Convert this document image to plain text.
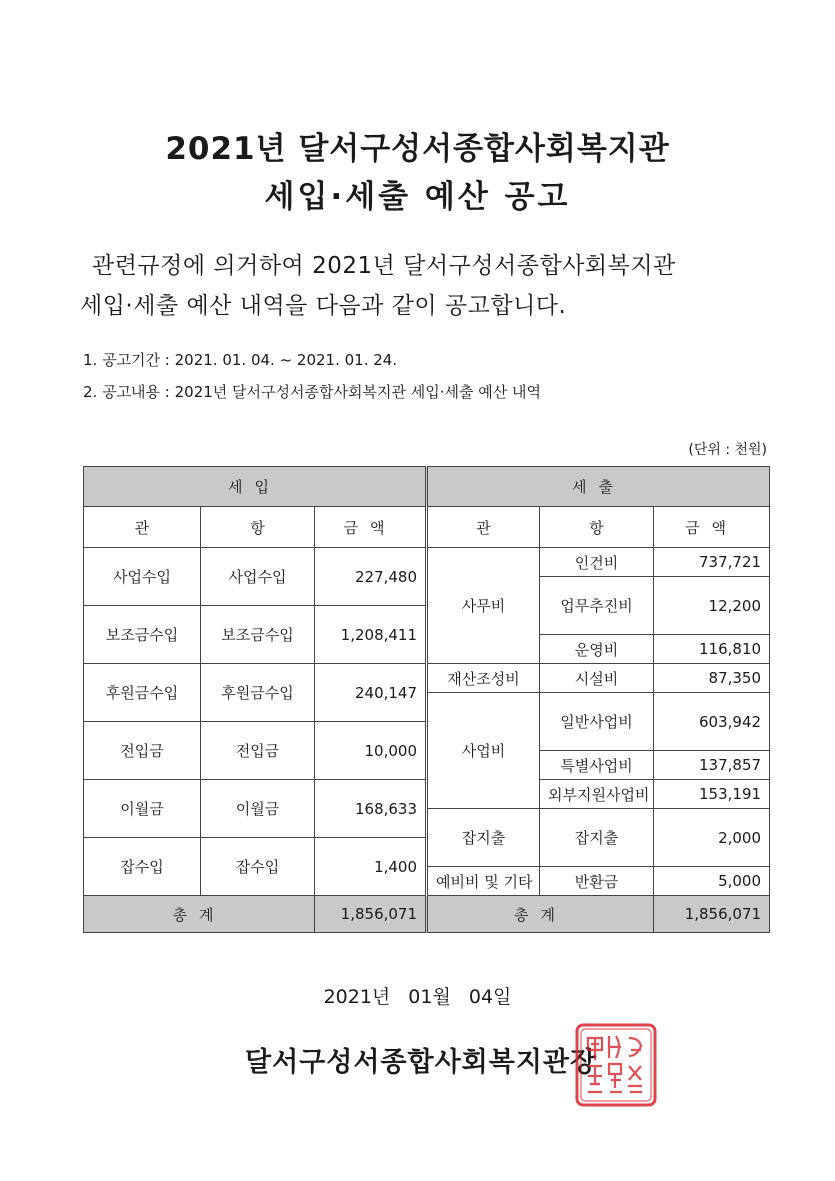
2021년 달서구성서종합사회복지관
세입·세출 예산 공고
관련규정에 의거하여 2021년 달서구성서종합사회복지관
세입·세출 예산 내역을 다음과 같이 공고합니다.
1. 공고기간 : 2021. 01. 04. ~ 2021. 01. 24.
2. 공고내용 : 2021년 달서구성서종합사회복지관 세입·세출 예산 내역
(단위 : 천원)
세입			세출		
관	항	금액	관	항	금액
사업수입	사업수입	227,480	사무비	인건비	737,721
				업무추진비	12,200
보조금수입	보조금수입	1,208,411			
				운영비	116,810
후원금수입	후원금수입	240,147	재산조성비	시설비	87,350
			사업비	일반사업비	603,942
전입금	전입금	10,000			
				특별사업비	137,857
이월금	이월금	168,633		외부지원사업비	153,191
			잡지출	잡지출	2,000
잡수입	잡수입	1,400			
			예비비 및 기타	반환금	5,000
총계		1,856,071	총계		1,856,071
2021년 01월 04일
달서구성서종합사회복지관장
